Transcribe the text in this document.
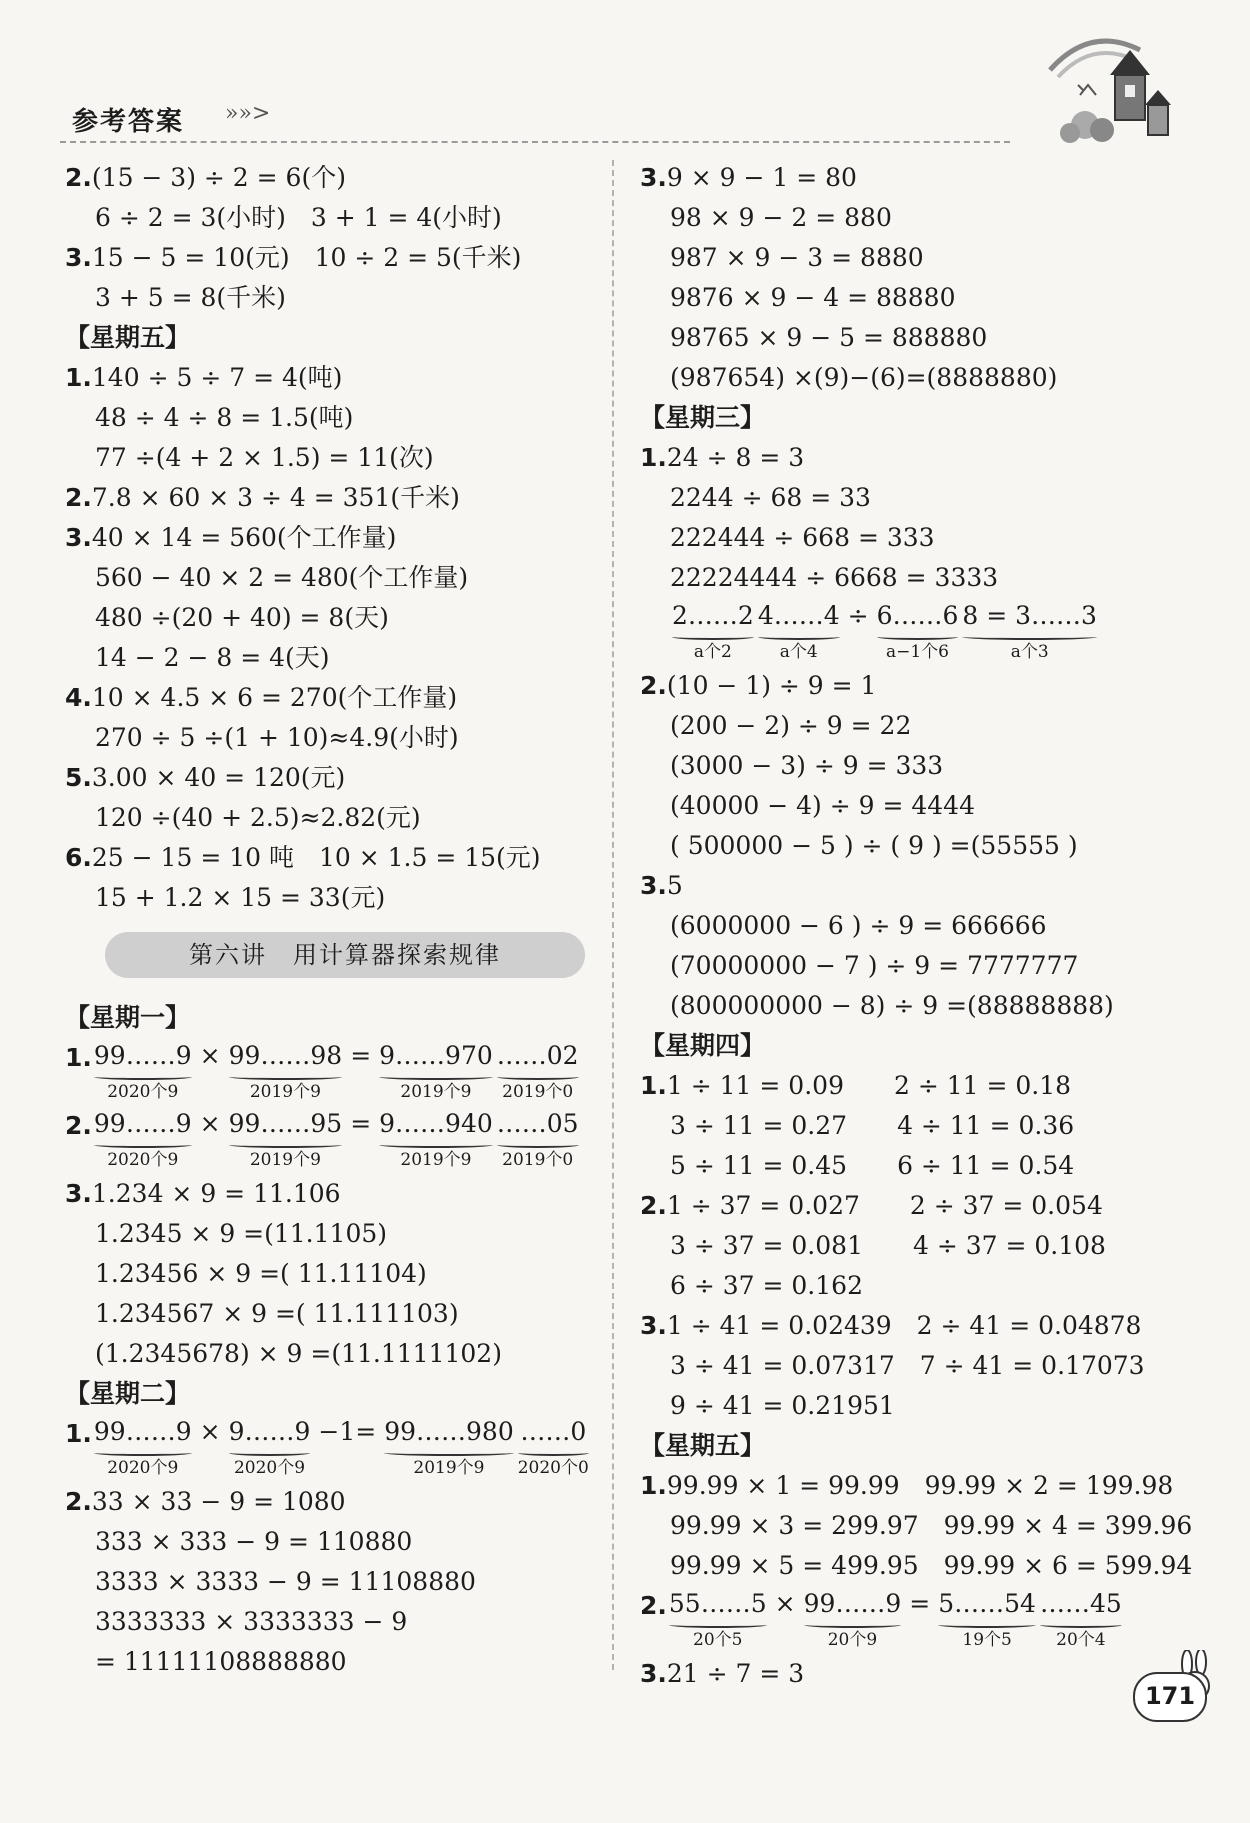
参考答案 »»>
2.(15 − 3) ÷ 2 = 6(个)
6 ÷ 2 = 3(小时)　3 + 1 = 4(小时)
3.15 − 5 = 10(元)　10 ÷ 2 = 5(千米)
3 + 5 = 8(千米)
【星期五】
1.140 ÷ 5 ÷ 7 = 4(吨)
48 ÷ 4 ÷ 8 = 1.5(吨)
77 ÷(4 + 2 × 1.5) = 11(次)
2.7.8 × 60 × 3 ÷ 4 = 351(千米)
3.40 × 14 = 560(个工作量)
560 − 40 × 2 = 480(个工作量)
480 ÷(20 + 40) = 8(天)
14 − 2 − 8 = 4(天)
4.10 × 4.5 × 6 = 270(个工作量)
270 ÷ 5 ÷(1 + 10)≈4.9(小时)
5.3.00 × 40 = 120(元)
120 ÷(40 + 2.5)≈2.82(元)
6.25 − 15 = 10 吨　10 × 1.5 = 15(元)
15 + 1.2 × 15 = 33(元)
第六讲　用计算器探索规律
【星期一】
1. 99……9
2020个9
× 99……98
2019个9
= 9……970
2019个9
……02
2019个0
2. 99……9
2020个9
× 99……95
2019个9
= 9……940
2019个9
……05
2019个0
3.1.234 × 9 = 11.106
1.2345 × 9 =(11.1105)
1.23456 × 9 =( 11.11104)
1.234567 × 9 =( 11.111103)
(1.2345678) × 9 =(11.1111102)
【星期二】
1. 99……9
2020个9
× 9……9
2020个9
−1= 99……980
2019个9
……0
2020个0
2.33 × 33 − 9 = 1080
333 × 333 − 9 = 110880
3333 × 3333 − 9 = 11108880
3333333 × 3333333 − 9
= 11111108888880
3.9 × 9 − 1 = 80
98 × 9 − 2 = 880
987 × 9 − 3 = 8880
9876 × 9 − 4 = 88880
98765 × 9 − 5 = 888880
(987654) ×(9)−(6)=(8888880)
【星期三】
1.24 ÷ 8 = 3
2244 ÷ 68 = 33
222444 ÷ 668 = 333
22224444 ÷ 6668 = 3333
2……2
a个2
4……4
a个4
÷ 6……6
a−1个6
8 = 3……3
a个3
2.(10 − 1) ÷ 9 = 1
(200 − 2) ÷ 9 = 22
(3000 − 3) ÷ 9 = 333
(40000 − 4) ÷ 9 = 4444
( 500000 − 5 ) ÷ ( 9 ) =(55555 )
3.5
(6000000 − 6 ) ÷ 9 = 666666
(70000000 − 7 ) ÷ 9 = 7777777
(800000000 − 8) ÷ 9 =(88888888)
【星期四】
1.1 ÷ 11 = 0.09　　2 ÷ 11 = 0.18
3 ÷ 11 = 0.27　　4 ÷ 11 = 0.36
5 ÷ 11 = 0.45　　6 ÷ 11 = 0.54
2.1 ÷ 37 = 0.027　　2 ÷ 37 = 0.054
3 ÷ 37 = 0.081　　4 ÷ 37 = 0.108
6 ÷ 37 = 0.162
3.1 ÷ 41 = 0.02439　2 ÷ 41 = 0.04878
3 ÷ 41 = 0.07317　7 ÷ 41 = 0.17073
9 ÷ 41 = 0.21951
【星期五】
1.99.99 × 1 = 99.99　99.99 × 2 = 199.98
99.99 × 3 = 299.97　99.99 × 4 = 399.96
99.99 × 5 = 499.95　99.99 × 6 = 599.94
2. 55……5
20个5
× 99……9
20个9
= 5……54
19个5
……45
20个4
3.21 ÷ 7 = 3
171
